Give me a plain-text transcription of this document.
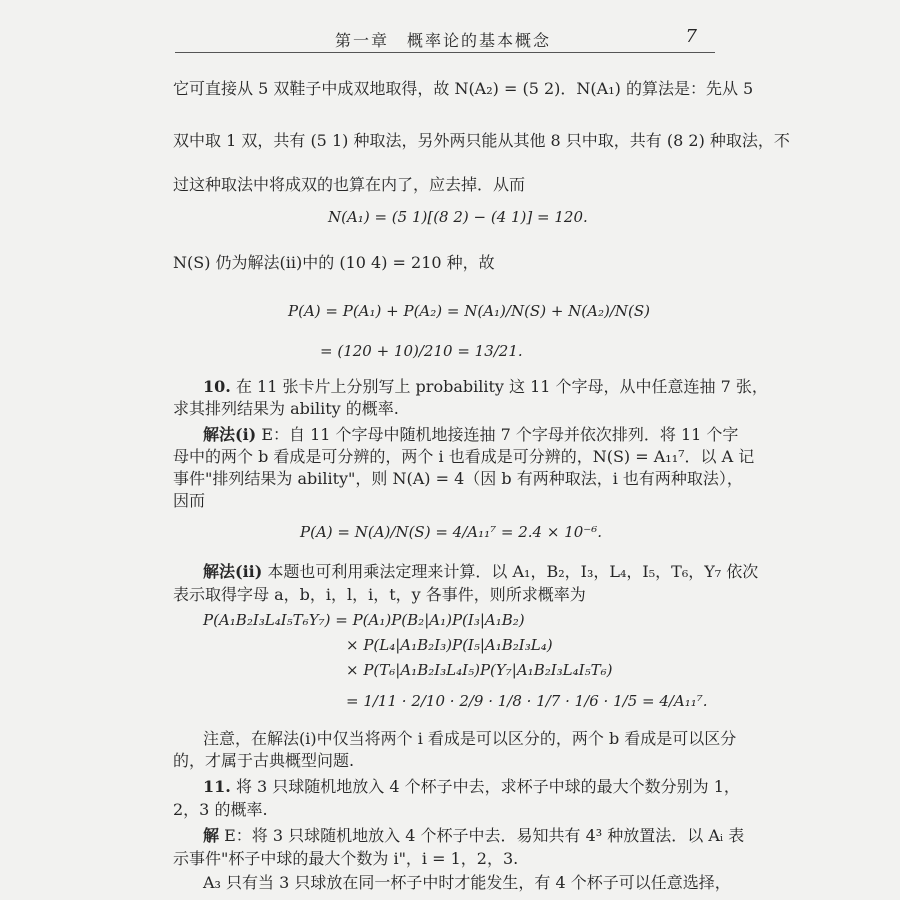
第一章　概率论的基本概念	7
它可直接从 5 双鞋子中成双地取得，故 N(A₂) = (5 2)．N(A₁) 的算法是：先从 5
双中取 1 双，共有 (5 1) 种取法，另外两只能从其他 8 只中取，共有 (8 2) 种取法，不
过这种取法中将成双的也算在内了，应去掉．从而
N(A₁) = (5 1)[(8 2) − (4 1)] = 120.
N(S) 仍为解法(ii)中的 (10 4) = 210 种，故
P(A) = P(A₁) + P(A₂) = N(A₁)/N(S) + N(A₂)/N(S)
= (120 + 10)/210 = 13/21.
10. 在 11 张卡片上分别写上 probability 这 11 个字母，从中任意连抽 7 张，
求其排列结果为 ability 的概率.
解法(i) E：自 11 个字母中随机地接连抽 7 个字母并依次排列．将 11 个字
母中的两个 b 看成是可分辨的，两个 i 也看成是可分辨的，N(S) = A₁₁⁷．以 A 记
事件"排列结果为 ability"，则 N(A) = 4（因 b 有两种取法，i 也有两种取法），
因而
P(A) = N(A)/N(S) = 4/A₁₁⁷ = 2.4 × 10⁻⁶.
解法(ii) 本题也可利用乘法定理来计算．以 A₁，B₂，I₃，L₄，I₅，T₆，Y₇ 依次
表示取得字母 a，b，i，l，i，t，y 各事件，则所求概率为
P(A₁B₂I₃L₄I₅T₆Y₇) = P(A₁)P(B₂|A₁)P(I₃|A₁B₂)
× P(L₄|A₁B₂I₃)P(I₅|A₁B₂I₃L₄)
× P(T₆|A₁B₂I₃L₄I₅)P(Y₇|A₁B₂I₃L₄I₅T₆)
= 1/11 · 2/10 · 2/9 · 1/8 · 1/7 · 1/6 · 1/5 = 4/A₁₁⁷.
注意，在解法(i)中仅当将两个 i 看成是可以区分的，两个 b 看成是可以区分
的，才属于古典概型问题.
11. 将 3 只球随机地放入 4 个杯子中去，求杯子中球的最大个数分别为 1，
2，3 的概率.
解 E：将 3 只球随机地放入 4 个杯子中去．易知共有 4³ 种放置法．以 Aᵢ 表
示事件"杯子中球的最大个数为 i"，i = 1，2，3.
A₃ 只有当 3 只球放在同一杯子中时才能发生，有 4 个杯子可以任意选择，
